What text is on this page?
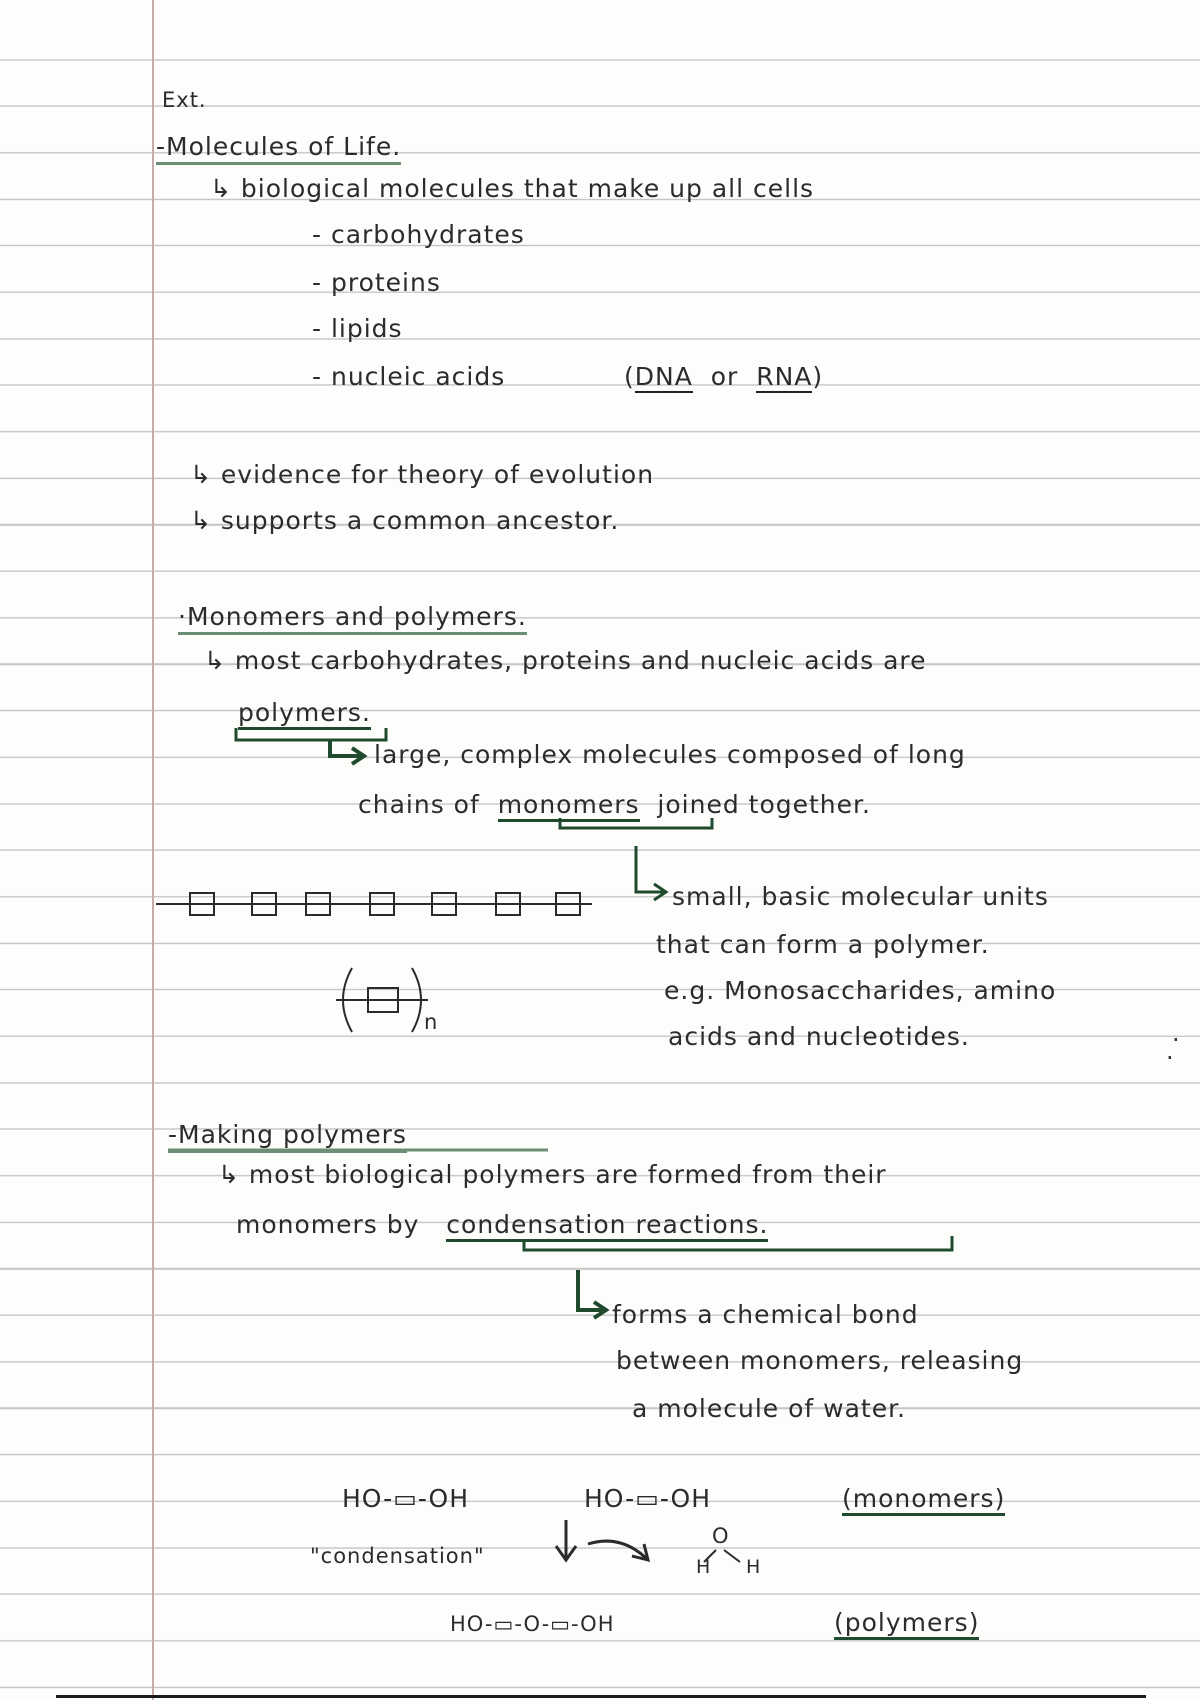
Ext.
-Molecules of Life.
↳ biological molecules that make up all cells
- carbohydrates
- proteins
- lipids
- nucleic acids	(DNA or RNA)
↳ evidence for theory of evolution
↳ supports a common ancestor.
·Monomers and polymers.
↳ most carbohydrates, proteins and nucleic acids are
polymers.
large, complex molecules composed of long
chains of monomers joined together.
small, basic molecular units
that can form a polymer.
e.g. Monosaccharides, amino
acids and nucleotides.
n
·
·
-Making polymers
↳ most biological polymers are formed from their
monomers by condensation reactions.
forms a chemical bond
between monomers, releasing
a molecule of water.
HO-▭-OH	HO-▭-OH	(monomers)
"condensation"
O
H H
HO-▭-O-▭-OH	(polymers)
